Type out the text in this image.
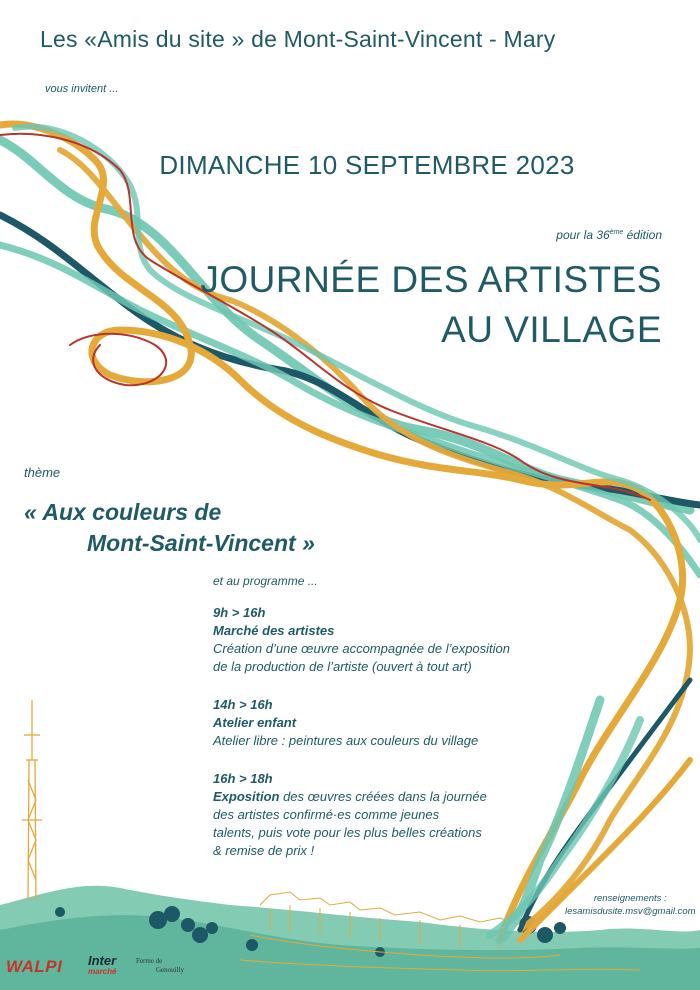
Les «Amis du site » de Mont-Saint-Vincent - Mary
vous invitent ...
DIMANCHE 10 SEPTEMBRE 2023
pour la 36ème édition
JOURNÉE DES ARTISTES
AU VILLAGE
thème
« Aux couleurs de
Mont-Saint-Vincent »
et au programme ...
9h > 16h
Marché des artistes
Création d’une œuvre accompagnée de l’exposition
de la production de l’artiste (ouvert à tout art)
14h > 16h
Atelier enfant
Atelier libre : peintures aux couleurs du village
16h > 18h
Exposition des œuvres créées dans la journée
des artistes confirmé·es comme jeunes
talents, puis vote pour les plus belles créations
& remise de prix !
renseignements :
lesamisdusite.msv@gmail.com
WALPI Inter
marché
Ferme de
Genouilly
